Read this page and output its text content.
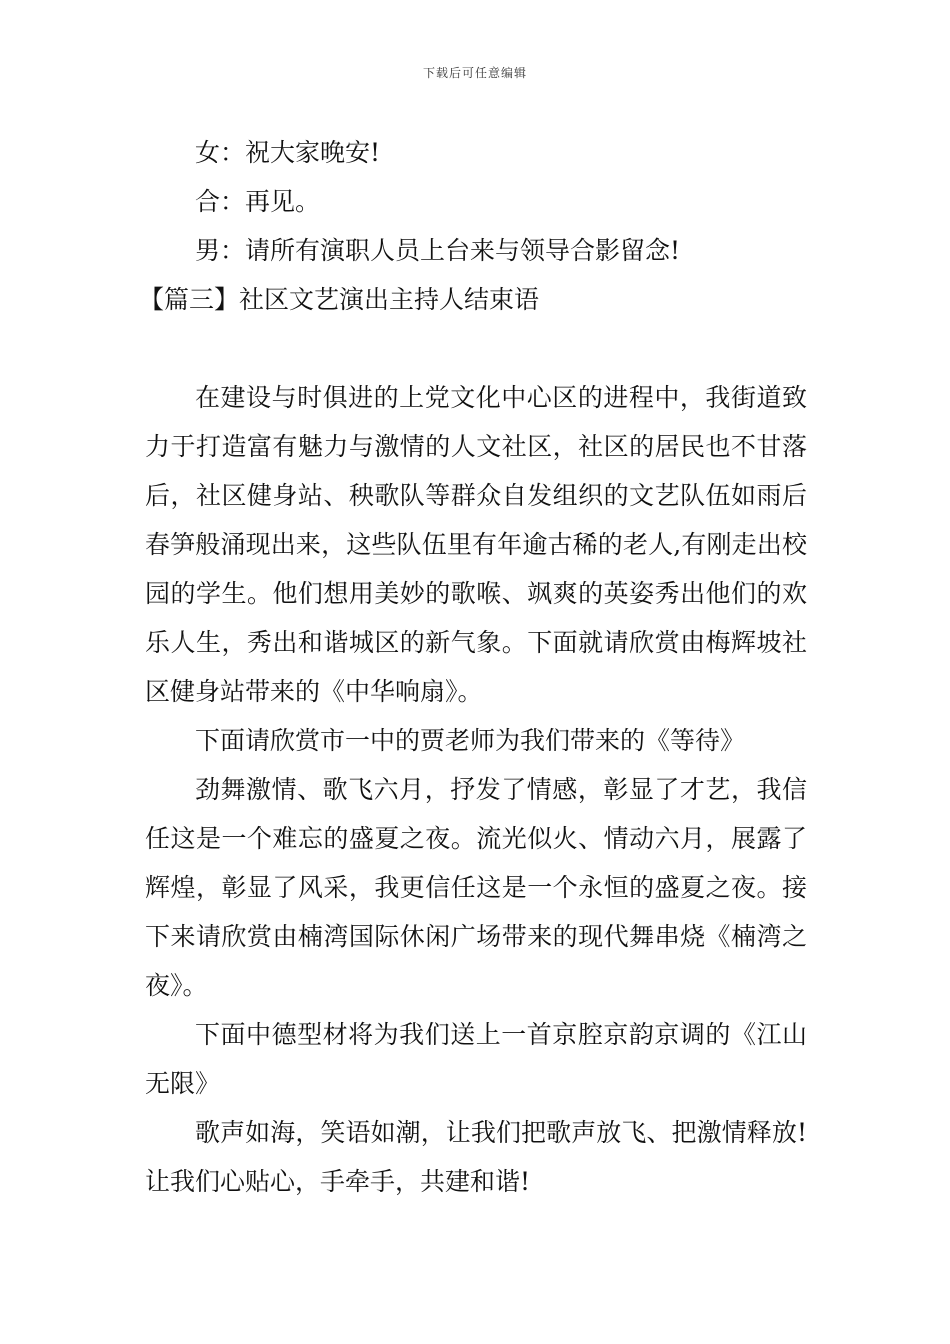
下载后可任意编辑

女：祝大家晚安!

合：再见。

男：请所有演职人员上台来与领导合影留念!

【篇三】社区文艺演出主持人结束语

在建设与时俱进的上党文化中心区的进程中，我街道致力于打造富有魅力与激情的人文社区，社区的居民也不甘落后，社区健身站、秧歌队等群众自发组织的文艺队伍如雨后春笋般涌现出来，这些队伍里有年逾古稀的老人,有刚走出校园的学生。他们想用美妙的歌喉、飒爽的英姿秀出他们的欢乐人生，秀出和谐城区的新气象。下面就请欣赏由梅辉坡社区健身站带来的《中华响扇》。

下面请欣赏市一中的贾老师为我们带来的《等待》

劲舞激情、歌飞六月，抒发了情感，彰显了才艺，我信任这是一个难忘的盛夏之夜。流光似火、情动六月，展露了辉煌，彰显了风采，我更信任这是一个永恒的盛夏之夜。接下来请欣赏由楠湾国际休闲广场带来的现代舞串烧《楠湾之夜》。

下面中德型材将为我们送上一首京腔京韵京调的《江山无限》

歌声如海，笑语如潮，让我们把歌声放飞、把激情释放!让我们心贴心，手牵手，共建和谐!
